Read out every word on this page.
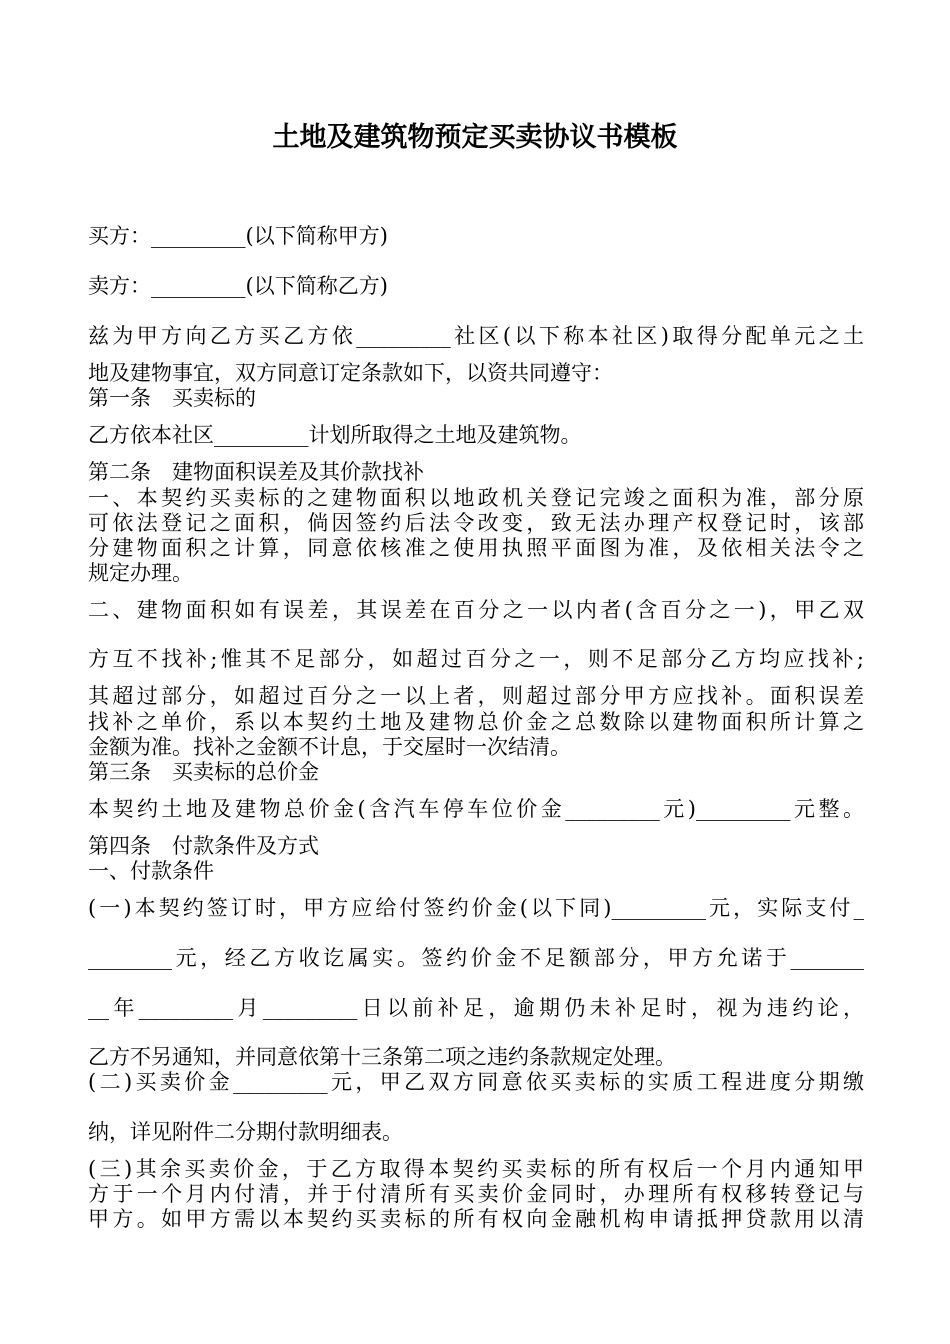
土地及建筑物预定买卖协议书模板
买方：_________(以下简称甲方)
卖方：_________(以下简称乙方)
兹为甲方向乙方买乙方依_________社区(以下称本社区)取得分配单元之土
地及建物事宜，双方同意订定条款如下，以资共同遵守：
第一条　买卖标的
乙方依本社区_________计划所取得之土地及建筑物。
第二条　建物面积误差及其价款找补
一、本契约买卖标的之建物面积以地政机关登记完竣之面积为准，部分原
可依法登记之面积，倘因签约后法令改变，致无法办理产权登记时，该部
分建物面积之计算，同意依核准之使用执照平面图为准，及依相关法令之
规定办理。
二、建物面积如有误差，其误差在百分之一以内者(含百分之一)，甲乙双
方互不找补;惟其不足部分，如超过百分之一，则不足部分乙方均应找补;
其超过部分，如超过百分之一以上者，则超过部分甲方应找补。面积误差
找补之单价，系以本契约土地及建物总价金之总数除以建物面积所计算之
金额为准。找补之金额不计息，于交屋时一次结清。
第三条　买卖标的总价金
本契约土地及建物总价金(含汽车停车位价金_________元)_________元整。
第四条　付款条件及方式
一、付款条件
(一)本契约签订时，甲方应给付签约价金(以下同)_________元，实际支付_
________元，经乙方收讫属实。签约价金不足额部分，甲方允诺于_______
__年_________月_________日以前补足，逾期仍未补足时，视为违约论，
乙方不另通知，并同意依第十三条第二项之违约条款规定处理。
(二)买卖价金_________元，甲乙双方同意依买卖标的实质工程进度分期缴
纳，详见附件二分期付款明细表。
(三)其余买卖价金，于乙方取得本契约买卖标的所有权后一个月内通知甲
方于一个月内付清，并于付清所有买卖价金同时，办理所有权移转登记与
甲方。如甲方需以本契约买卖标的所有权向金融机构申请抵押贷款用以清
